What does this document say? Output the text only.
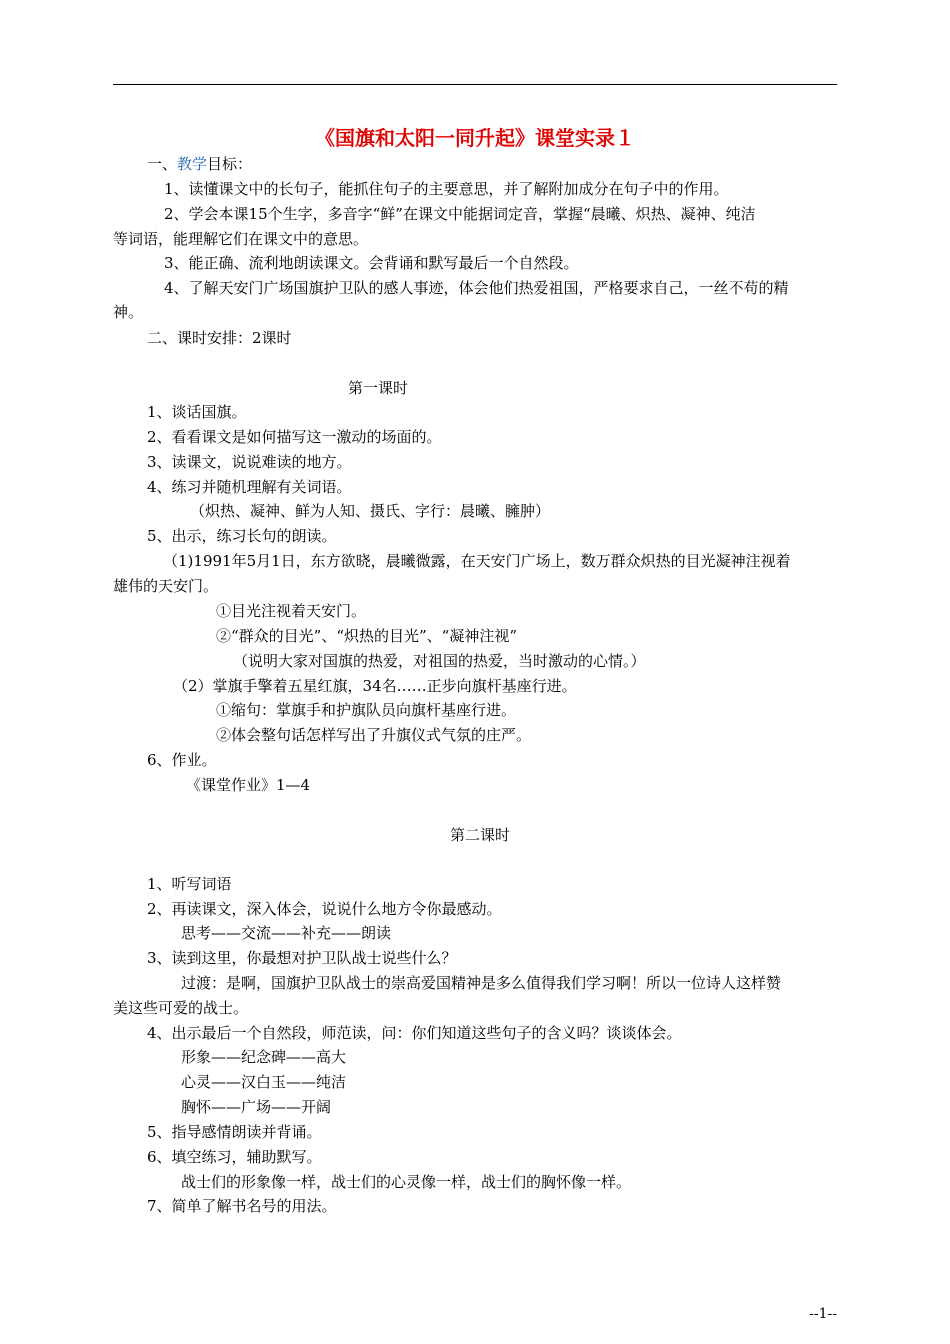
《国旗和太阳一同升起》课堂实录１
一、教学目标：
1、读懂课文中的长句子，能抓住句子的主要意思，并了解附加成分在句子中的作用。
2、学会本课15个生字，多音字“鲜”在课文中能据词定音，掌握“晨曦、炽热、凝神、纯洁
等词语，能理解它们在课文中的意思。
3、能正确、流利地朗读课文。会背诵和默写最后一个自然段。
4、了解天安门广场国旗护卫队的感人事迹，体会他们热爱祖国，严格要求自己，一丝不苟的精
神。
二、课时安排：2课时
第一课时
1、谈话国旗。
2、看看课文是如何描写这一激动的场面的。
3、读课文，说说难读的地方。
4、练习并随机理解有关词语。
（炽热、凝神、鲜为人知、摄氏、字行：晨曦、臃肿）
5、出示，练习长句的朗读。
（1)1991年5月1日，东方欲晓，晨曦微露，在天安门广场上，数万群众炽热的目光凝神注视着
雄伟的天安门。
①目光注视着天安门。
②“群众的目光”、“炽热的目光”、“凝神注视”
（说明大家对国旗的热爱，对祖国的热爱，当时激动的心情。）
（2）掌旗手擎着五星红旗，34名……正步向旗杆基座行进。
①缩句：掌旗手和护旗队员向旗杆基座行进。
②体会整句话怎样写出了升旗仪式气氛的庄严。
6、作业。
《课堂作业》1—4
第二课时
1、听写词语
2、再读课文，深入体会，说说什么地方令你最感动。
思考——交流——补充——朗读
3、读到这里，你最想对护卫队战士说些什么？
过渡：是啊，国旗护卫队战士的崇高爱国精神是多么值得我们学习啊！所以一位诗人这样赞
美这些可爱的战士。
4、出示最后一个自然段，师范读，问：你们知道这些句子的含义吗？谈谈体会。
形象——纪念碑——高大
心灵——汉白玉——纯洁
胸怀——广场——开阔
5、指导感情朗读并背诵。
6、填空练习，辅助默写。
战士们的形象像一样，战士们的心灵像一样，战士们的胸怀像一样。
7、简单了解书名号的用法。
--1--
